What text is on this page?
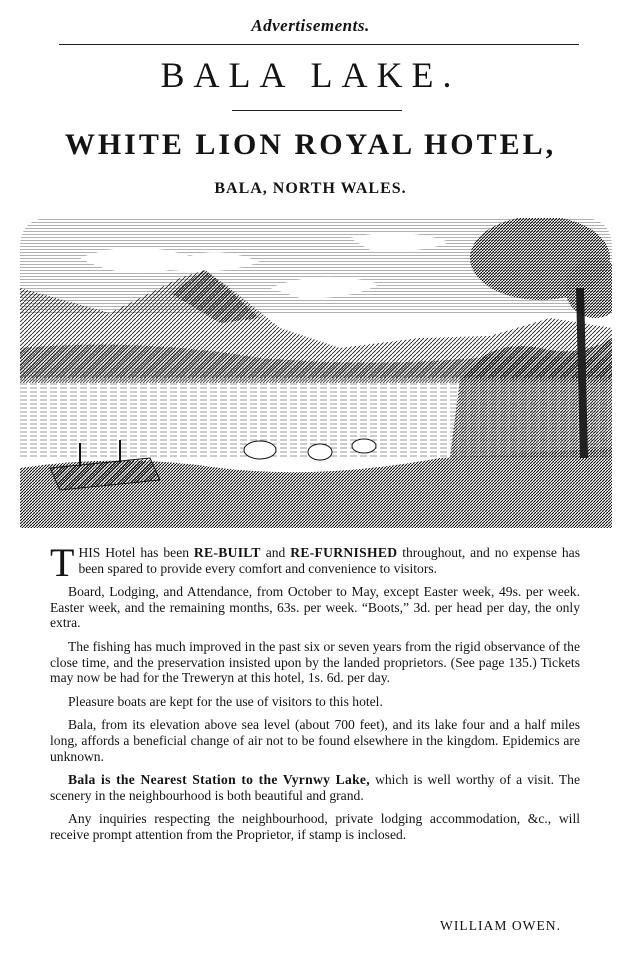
Advertisements.
BALA LAKE.
WHITE LION ROYAL HOTEL,
BALA, NORTH WALES.

THIS Hotel has been RE-BUILT and RE-FURNISHED throughout, and no expense has been spared to provide every comfort and convenience to visitors.

Board, Lodging, and Attendance, from October to May, except Easter week, 49s. per week. Easter week, and the remaining months, 63s. per week. “Boots,” 3d. per head per day, the only extra.

The fishing has much improved in the past six or seven years from the rigid observance of the close time, and the preservation insisted upon by the landed proprietors. (See page 135.) Tickets may now be had for the Treweryn at this hotel, 1s. 6d. per day.

Pleasure boats are kept for the use of visitors to this hotel.

Bala, from its elevation above sea level (about 700 feet), and its lake four and a half miles long, affords a beneficial change of air not to be found elsewhere in the kingdom. Epidemics are unknown.

Bala is the Nearest Station to the Vyrnwy Lake, which is well worthy of a visit. The scenery in the neighbourhood is both beautiful and grand.

Any inquiries respecting the neighbourhood, private lodging accommodation, &c., will receive prompt attention from the Proprietor, if stamp is inclosed.

WILLIAM OWEN.
